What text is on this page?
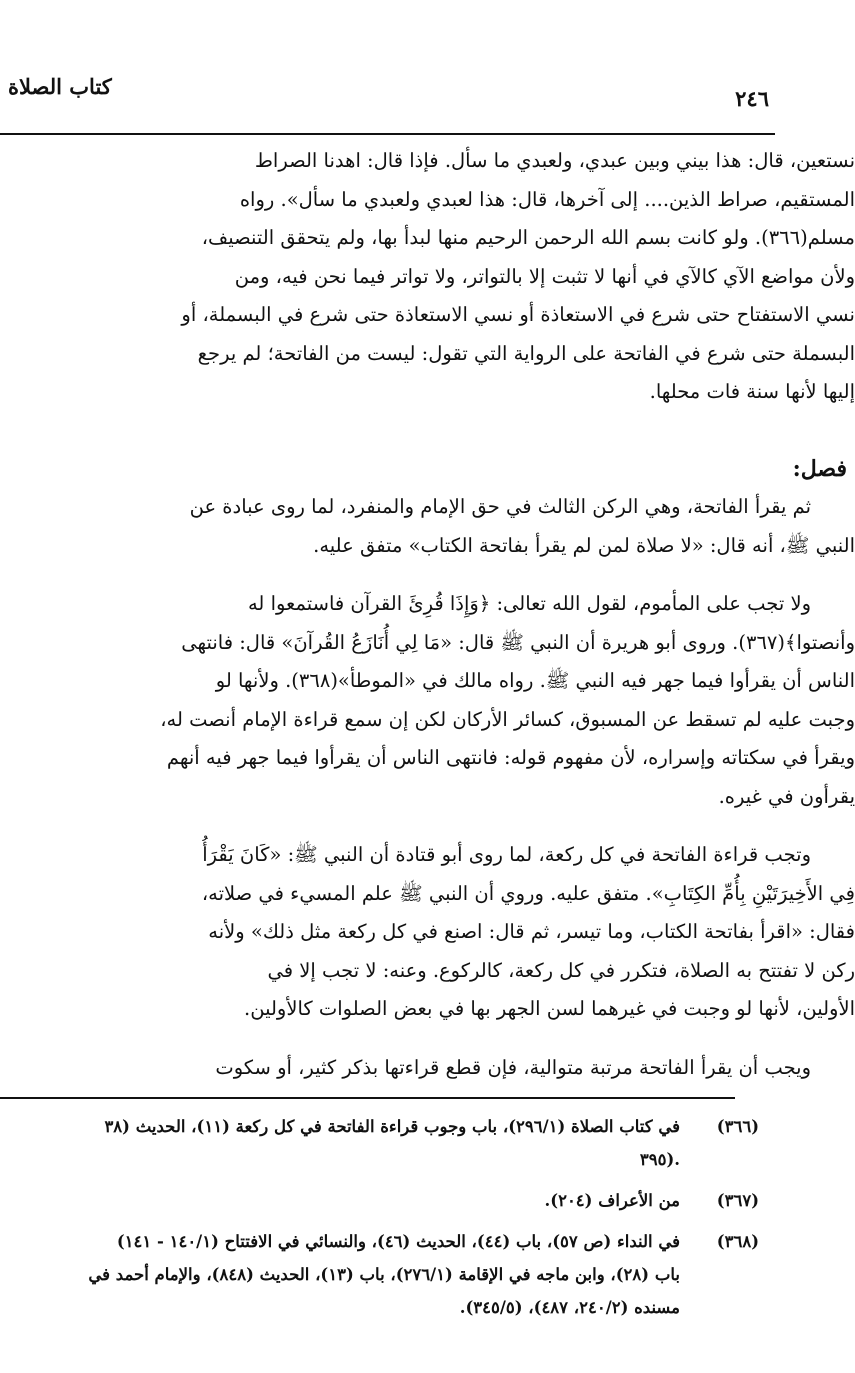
٢٤٦
كتاب الصلاة
نستعين، قال: هذا بيني وبين عبدي، ولعبدي ما سأل. فإذا قال: اهدنا الصراط
المستقيم، صراط الذين.... إلى آخرها، قال: هذا لعبدي ولعبدي ما سأل». رواه
مسلم(٣٦٦). ولو كانت بسم الله الرحمن الرحيم منها لبدأ بها، ولم يتحقق التنصيف،
ولأن مواضع الآي كالآي في أنها لا تثبت إلا بالتواتر، ولا تواتر فيما نحن فيه، ومن
نسي الاستفتاح حتى شرع في الاستعاذة أو نسي الاستعاذة حتى شرع في البسملة، أو
البسملة حتى شرع في الفاتحة على الرواية التي تقول: ليست من الفاتحة؛ لم يرجع
إليها لأنها سنة فات محلها.
فصل:
ثم يقرأ الفاتحة، وهي الركن الثالث في حق الإمام والمنفرد، لما روى عبادة عن
النبي ﷺ، أنه قال: «لا صلاة لمن لم يقرأ بفاتحة الكتاب» متفق عليه.
ولا تجب على المأموم، لقول الله تعالى: ﴿وَإِذَا قُرِئَ القرآن فاستمعوا له
وأنصتوا﴾(٣٦٧). وروى أبو هريرة أن النبي ﷺ قال: «مَا لِي أُنَازَعُ القُرآنَ» قال: فانتهى
الناس أن يقرأوا فيما جهر فيه النبي ﷺ. رواه مالك في «الموطأ»(٣٦٨). ولأنها لو
وجبت عليه لم تسقط عن المسبوق، كسائر الأركان لكن إن سمع قراءة الإمام أنصت له،
ويقرأ في سكتاته وإسراره، لأن مفهوم قوله: فانتهى الناس أن يقرأوا فيما جهر فيه أنهم
يقرأون في غيره.
وتجب قراءة الفاتحة في كل ركعة، لما روى أبو قتادة أن النبي ﷺ: «كَانَ يَقْرَأُ
فِي الأَخِيرَتَيْنِ بِأُمِّ الكِتَابِ». متفق عليه. وروي أن النبي ﷺ علم المسيء في صلاته،
فقال: «اقرأ بفاتحة الكتاب، وما تيسر، ثم قال: اصنع في كل ركعة مثل ذلك» ولأنه
ركن لا تفتتح به الصلاة، فتكرر في كل ركعة، كالركوع. وعنه: لا تجب إلا في
الأولين، لأنها لو وجبت في غيرهما لسن الجهر بها في بعض الصلوات كالأولين.
ويجب أن يقرأ الفاتحة مرتبة متوالية، فإن قطع قراءتها بذكر كثير، أو سكوت
(٣٦٦)
في كتاب الصلاة (٢٩٦/١)، باب وجوب قراءة الفاتحة في كل ركعة (١١)، الحديث (٣٨
.(٣٩٥
(٣٦٧)
من الأعراف (٢٠٤).
(٣٦٨)
في النداء (ص ٥٧)، باب (٤٤)، الحديث (٤٦)، والنسائي في الافتتاح (١٤٠/١ - ١٤١)
باب (٢٨)، وابن ماجه في الإقامة (٢٧٦/١)، باب (١٣)، الحديث (٨٤٨)، والإمام أحمد في
مسنده (٢٤٠/٢، ٤٨٧)، (٣٤٥/٥).
